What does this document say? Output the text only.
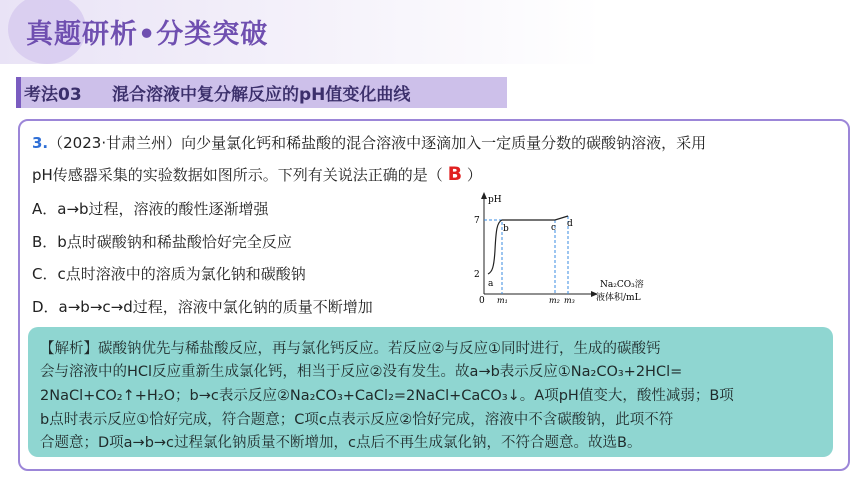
真题研析•分类突破
考法03 混合溶液中复分解反应的pH值变化曲线
3.（2023·甘肃兰州）向少量氯化钙和稀盐酸的混合溶液中逐滴加入一定质量分数的碳酸钠溶液，采用
pH传感器采集的实验数据如图所示。下列有关说法正确的是（ B ）
A．a→b过程，溶液的酸性逐渐增强
B．b点时碳酸钠和稀盐酸恰好完全反应
C．c点时溶液中的溶质为氯化钠和碳酸钠
D．a→b→c→d过程，溶液中氯化钠的质量不断增加
pH
7
2
0
a
b	c d
m₁	m₂ m₃
Na₂CO₃溶
液体积/mL
【解析】碳酸钠优先与稀盐酸反应，再与氯化钙反应。若反应②与反应①同时进行，生成的碳酸钙
会与溶液中的HCl反应重新生成氯化钙，相当于反应②没有发生。故a→b表示反应①Na₂CO₃+2HCl=
2NaCl+CO₂↑+H₂O；b→c表示反应②Na₂CO₃+CaCl₂=2NaCl+CaCO₃↓。A项pH值变大，酸性减弱；B项
b点时表示反应①恰好完成，符合题意；C项c点表示反应②恰好完成，溶液中不含碳酸钠，此项不符
合题意；D项a→b→c过程氯化钠质量不断增加，c点后不再生成氯化钠，不符合题意。故选B。
